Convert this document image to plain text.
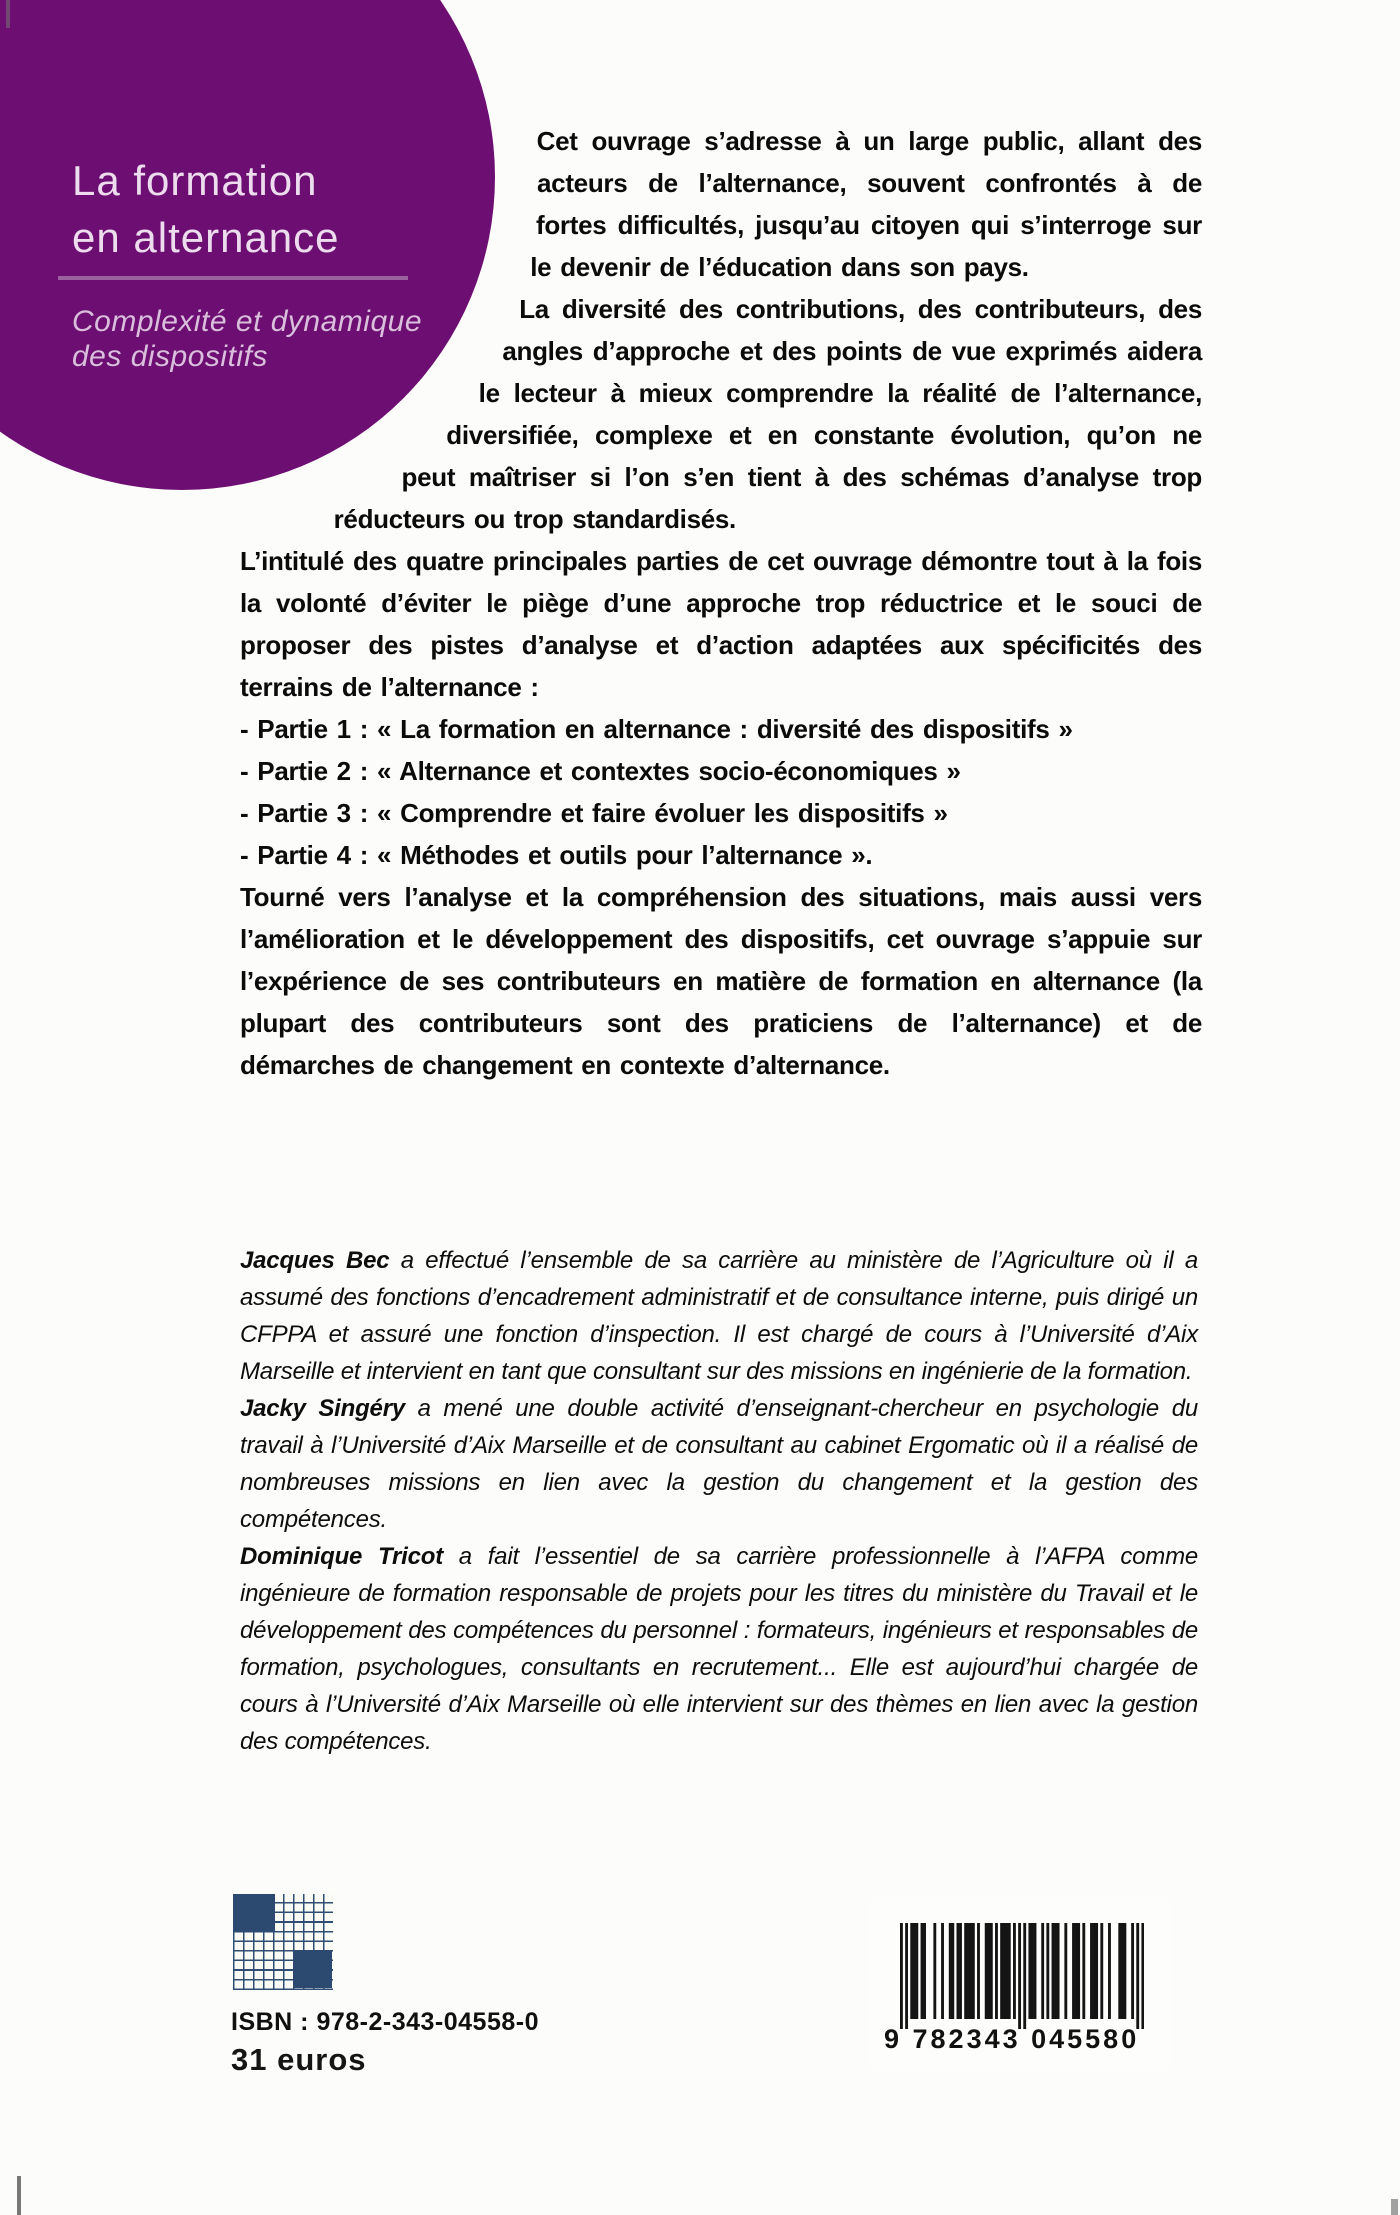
La formation
en alternance
Complexité et dynamique
des dispositifs

Cet ouvrage s’adresse à un large public, allant des acteurs de l’alternance, souvent confrontés à de fortes difficultés, jusqu’au citoyen qui s’interroge sur le devenir de l’éducation dans son pays.

La diversité des contributions, des contributeurs, des angles d’approche et des points de vue exprimés aidera le lecteur à mieux comprendre la réalité de l’alternance, diversifiée, complexe et en constante évolution, qu’on ne peut maîtriser si l’on s’en tient à des schémas d’analyse trop réducteurs ou trop standardisés.

L’intitulé des quatre principales parties de cet ouvrage démontre tout à la fois la volonté d’éviter le piège d’une approche trop réductrice et le souci de proposer des pistes d’analyse et d’action adaptées aux spécificités des terrains de l’alternance :

- Partie 1 : « La formation en alternance : diversité des dispositifs »
- Partie 2 : « Alternance et contextes socio-économiques »
- Partie 3 : « Comprendre et faire évoluer les dispositifs »
- Partie 4 : « Méthodes et outils pour l’alternance ».

Tourné vers l’analyse et la compréhension des situations, mais aussi vers l’amélioration et le développement des dispositifs, cet ouvrage s’appuie sur l’expérience de ses contributeurs en matière de formation en alternance (la plupart des contributeurs sont des praticiens de l’alternance) et de démarches de changement en contexte d’alternance.

Jacques Bec a effectué l’ensemble de sa carrière au ministère de l’Agriculture où il a assumé des fonctions d’encadrement administratif et de consultance interne, puis dirigé un CFPPA et assuré une fonction d’inspection. Il est chargé de cours à l’Université d’Aix Marseille et intervient en tant que consultant sur des missions en ingénierie de la formation.

Jacky Singéry a mené une double activité d’enseignant-chercheur en psychologie du travail à l’Université d’Aix Marseille et de consultant au cabinet Ergomatic où il a réalisé de nombreuses missions en lien avec la gestion du changement et la gestion des compétences.

Dominique Tricot a fait l’essentiel de sa carrière professionnelle à l’AFPA comme ingénieure de formation responsable de projets pour les titres du ministère du Travail et le développement des compétences du personnel : formateurs, ingénieurs et responsables de formation, psychologues, consultants en recrutement... Elle est aujourd’hui chargée de cours à l’Université d’Aix Marseille où elle intervient sur des thèmes en lien avec la gestion des compétences.

ISBN : 978-2-343-04558-0
31 euros
9 782343 045580
